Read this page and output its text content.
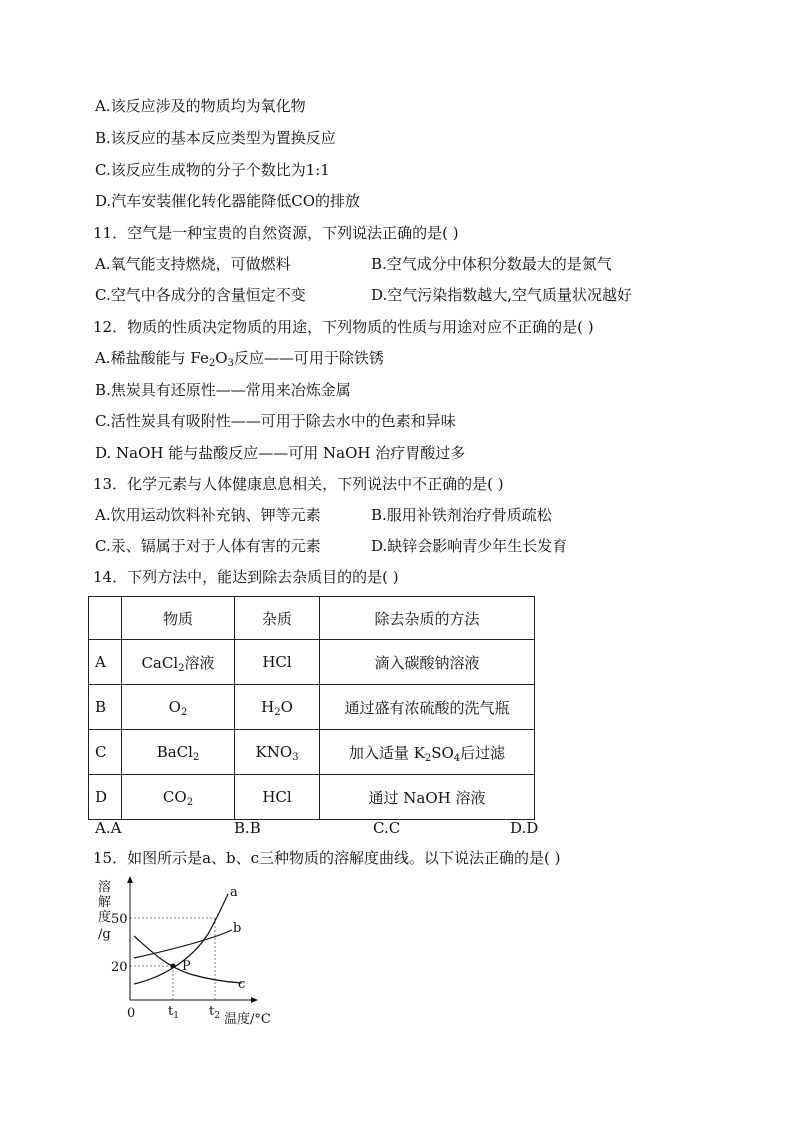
A.该反应涉及的物质均为氧化物
B.该反应的基本反应类型为置换反应
C.该反应生成物的分子个数比为1:1
D.汽车安装催化转化器能降低CO的排放
11．空气是一种宝贵的自然资源，下列说法正确的是( )
A.氧气能支持燃烧，可做燃料	B.空气成分中体积分数最大的是氮气
C.空气中各成分的含量恒定不变	D.空气污染指数越大,空气质量状况越好
12．物质的性质决定物质的用途，下列物质的性质与用途对应不正确的是( )
A.稀盐酸能与 $Fe_2O_3$反应——可用于除铁锈
B.焦炭具有还原性——常用来冶炼金属
C.活性炭具有吸附性——可用于除去水中的色素和异味
D. NaOH 能与盐酸反应——可用 NaOH 治疗胃酸过多
13．化学元素与人体健康息息相关，下列说法中不正确的是( )
A.饮用运动饮料补充钠、钾等元素	B.服用补铁剂治疗骨质疏松
C.汞、镉属于对于人体有害的元素	D.缺锌会影响青少年生长发育
14．下列方法中，能达到除去杂质目的的是( )
	物质	杂质	除去杂质的方法
A	CaCl$_2$溶液	HCl	滴入碳酸钠溶液
B	$O_2$	$H_2O$	通过盛有浓硫酸的洗气瓶
C	BaCl$_2$	$KNO_3$	加入适量 $K_2SO_4$后过滤
D	$CO_2$	HCl	通过 NaOH 溶液
A.A	B.B	C.C	D.D
15．如图所示是a、b、c三种物质的溶解度曲线。以下说法正确的是( )
溶
解
度
/g
P
a
b
c
50
20
0	$t_1$ $t_2$ 温度/°C
